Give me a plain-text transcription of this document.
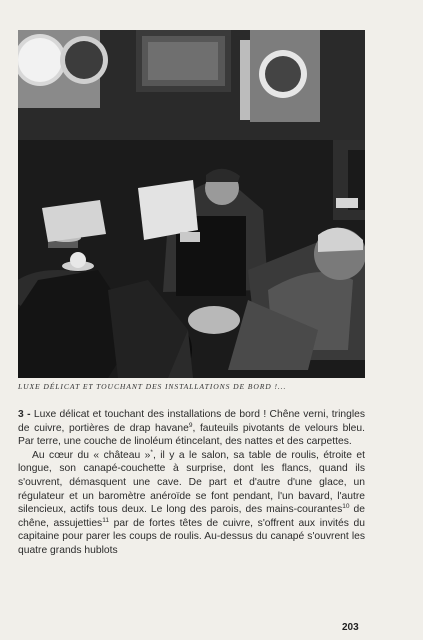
LUXE DÉLICAT ET TOUCHANT DES INSTALLATIONS DE BORD !...

3 - Luxe délicat et touchant des installations de bord ! Chêne verni, tringles de cuivre, portières de drap havane$^9$, fauteuils pivotants de velours bleu. Par terre, une couche de linoléum étincelant, des nattes et des carpettes.

Au cœur du « château »*, il y a le salon, sa table de roulis, étroite et longue, son canapé-couchette à surprise, dont les flancs, quand ils s'ouvrent, démasquent une cave. De part et d'autre d'une glace, un régulateur et un baromètre anéroïde se font pendant, l'un bavard, l'autre silencieux, actifs tous deux. Le long des parois, des mains-courantes$^{10}$ de chêne, assujetties$^{11}$ par de fortes têtes de cuivre, s'offrent aux invités du capitaine pour parer les coups de roulis. Au-dessus du canapé s'ouvrent les quatre grands hublots

203
